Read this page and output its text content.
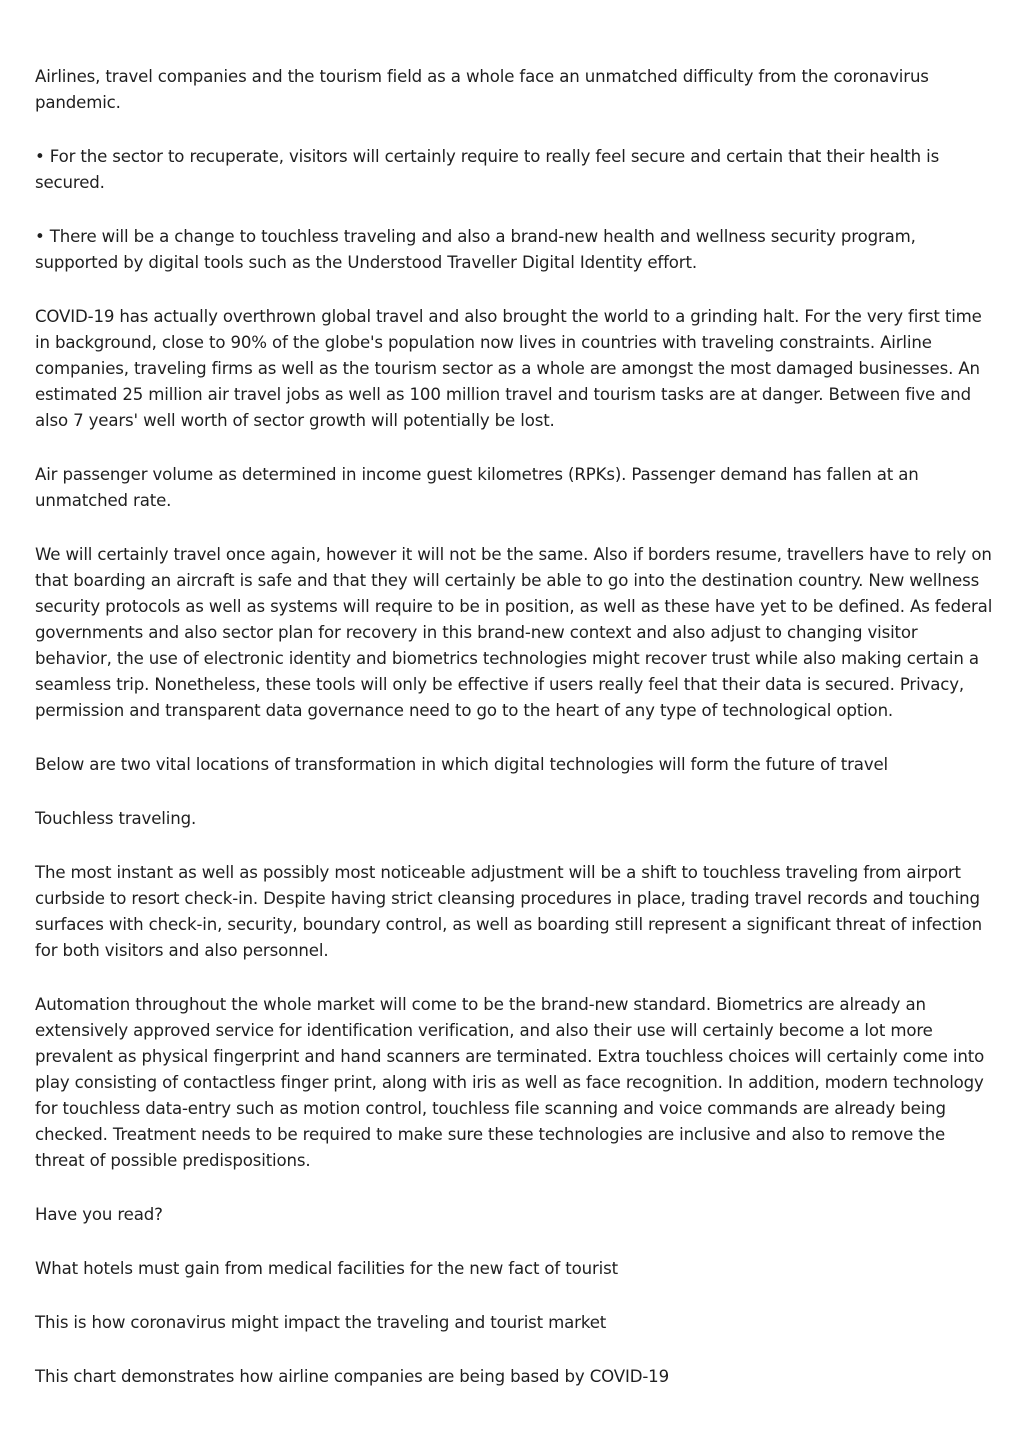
Airlines, travel companies and the tourism field as a whole face an unmatched difficulty from the coronavirus pandemic.

• For the sector to recuperate, visitors will certainly require to really feel secure and certain that their health is secured.

• There will be a change to touchless traveling and also a brand-new health and wellness security program, supported by digital tools such as the Understood Traveller Digital Identity effort.

COVID-19 has actually overthrown global travel and also brought the world to a grinding halt. For the very first time in background, close to 90% of the globe's population now lives in countries with traveling constraints. Airline companies, traveling firms as well as the tourism sector as a whole are amongst the most damaged businesses. An estimated 25 million air travel jobs as well as 100 million travel and tourism tasks are at danger. Between five and also 7 years' well worth of sector growth will potentially be lost.

Air passenger volume as determined in income guest kilometres (RPKs). Passenger demand has fallen at an unmatched rate.

We will certainly travel once again, however it will not be the same. Also if borders resume, travellers have to rely on that boarding an aircraft is safe and that they will certainly be able to go into the destination country. New wellness security protocols as well as systems will require to be in position, as well as these have yet to be defined. As federal governments and also sector plan for recovery in this brand-new context and also adjust to changing visitor behavior, the use of electronic identity and biometrics technologies might recover trust while also making certain a seamless trip. Nonetheless, these tools will only be effective if users really feel that their data is secured. Privacy, permission and transparent data governance need to go to the heart of any type of technological option.

Below are two vital locations of transformation in which digital technologies will form the future of travel

Touchless traveling.

The most instant as well as possibly most noticeable adjustment will be a shift to touchless traveling from airport curbside to resort check-in. Despite having strict cleansing procedures in place, trading travel records and touching surfaces with check-in, security, boundary control, as well as boarding still represent a significant threat of infection for both visitors and also personnel.

Automation throughout the whole market will come to be the brand-new standard. Biometrics are already an extensively approved service for identification verification, and also their use will certainly become a lot more prevalent as physical fingerprint and hand scanners are terminated. Extra touchless choices will certainly come into play consisting of contactless finger print, along with iris as well as face recognition. In addition, modern technology for touchless data-entry such as motion control, touchless file scanning and voice commands are already being checked. Treatment needs to be required to make sure these technologies are inclusive and also to remove the threat of possible predispositions.

Have you read?

What hotels must gain from medical facilities for the new fact of tourist

This is how coronavirus might impact the traveling and tourist market

This chart demonstrates how airline companies are being based by COVID-19
